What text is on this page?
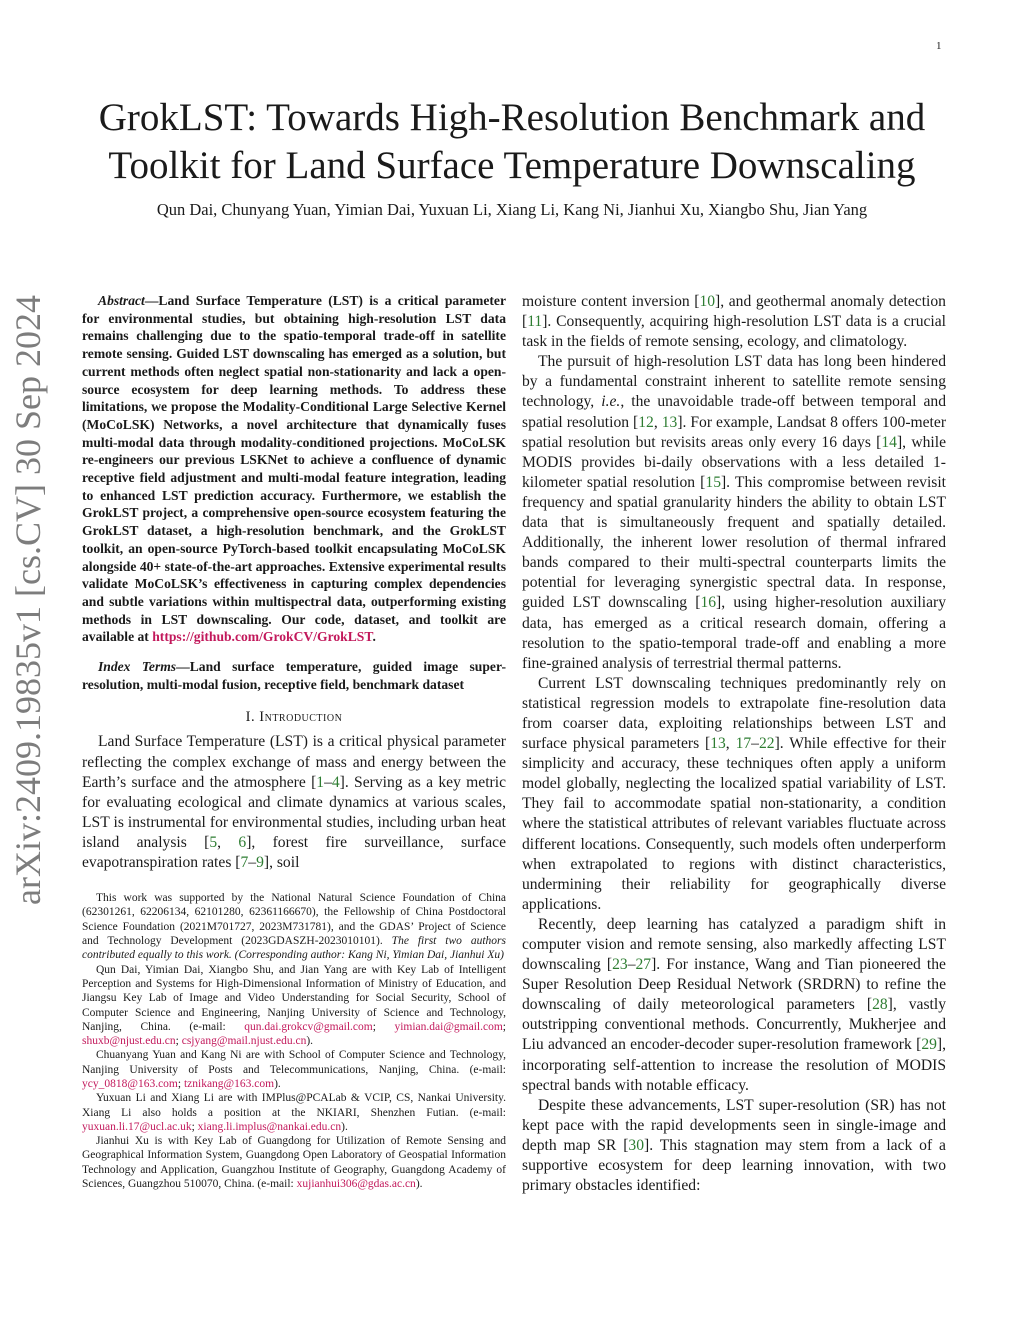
1
arXiv:2409.19835v1 [cs.CV] 30 Sep 2024
GrokLST: Towards High-Resolution Benchmark and Toolkit for Land Surface Temperature Downscaling
Qun Dai, Chunyang Yuan, Yimian Dai, Yuxuan Li, Xiang Li, Kang Ni, Jianhui Xu, Xiangbo Shu, Jian Yang

Abstract—Land Surface Temperature (LST) is a critical parameter for environmental studies, but obtaining high-resolution LST data remains challenging due to the spatio-temporal trade-off in satellite remote sensing. Guided LST downscaling has emerged as a solution, but current methods often neglect spatial non-stationarity and lack a open-source ecosystem for deep learning methods. To address these limitations, we propose the Modality-Conditional Large Selective Kernel (MoCoLSK) Networks, a novel architecture that dynamically fuses multi-modal data through modality-conditioned projections. MoCoLSK re-engineers our previous LSKNet to achieve a confluence of dynamic receptive field adjustment and multi-modal feature integration, leading to enhanced LST prediction accuracy. Furthermore, we establish the GrokLST project, a comprehensive open-source ecosystem featuring the GrokLST dataset, a high-resolution benchmark, and the GrokLST toolkit, an open-source PyTorch-based toolkit encapsulating MoCoLSK alongside 40+ state-of-the-art approaches. Extensive experimental results validate MoCoLSK’s effectiveness in capturing complex dependencies and subtle variations within multispectral data, outperforming existing methods in LST downscaling. Our code, dataset, and toolkit are available at https://github.com/GrokCV/GrokLST.

Index Terms—Land surface temperature, guided image super-resolution, multi-modal fusion, receptive field, benchmark dataset

I. Introduction

Land Surface Temperature (LST) is a critical physical parameter reflecting the complex exchange of mass and energy between the Earth’s surface and the atmosphere [1–4]. Serving as a key metric for evaluating ecological and climate dynamics at various scales, LST is instrumental for environmental studies, including urban heat island analysis [5, 6], forest fire surveillance, surface evapotranspiration rates [7–9], soil

This work was supported by the National Natural Science Foundation of China (62301261, 62206134, 62101280, 62361166670), the Fellowship of China Postdoctoral Science Foundation (2021M701727, 2023M731781), and the GDAS’ Project of Science and Technology Development (2023GDASZH-2023010101). The first two authors contributed equally to this work. (Corresponding author: Kang Ni, Yimian Dai, Jianhui Xu)

Qun Dai, Yimian Dai, Xiangbo Shu, and Jian Yang are with Key Lab of Intelligent Perception and Systems for High-Dimensional Information of Ministry of Education, and Jiangsu Key Lab of Image and Video Understanding for Social Security, School of Computer Science and Engineering, Nanjing University of Science and Technology, Nanjing, China. (e-mail: qun.dai.grokcv@gmail.com; yimian.dai@gmail.com; shuxb@njust.edu.cn; csjyang@mail.njust.edu.cn).

Chuanyang Yuan and Kang Ni are with School of Computer Science and Technology, Nanjing University of Posts and Telecommunications, Nanjing, China. (e-mail: ycy_0818@163.com; tznikang@163.com).

Yuxuan Li and Xiang Li are with IMPlus@PCALab & VCIP, CS, Nankai University. Xiang Li also holds a position at the NKIARI, Shenzhen Futian. (e-mail: yuxuan.li.17@ucl.ac.uk; xiang.li.implus@nankai.edu.cn).

Jianhui Xu is with Key Lab of Guangdong for Utilization of Remote Sensing and Geographical Information System, Guangdong Open Laboratory of Geospatial Information Technology and Application, Guangzhou Institute of Geography, Guangdong Academy of Sciences, Guangzhou 510070, China. (e-mail: xujianhui306@gdas.ac.cn).

moisture content inversion [10], and geothermal anomaly detection [11]. Consequently, acquiring high-resolution LST data is a crucial task in the fields of remote sensing, ecology, and climatology.

The pursuit of high-resolution LST data has long been hindered by a fundamental constraint inherent to satellite remote sensing technology, i.e., the unavoidable trade-off between temporal and spatial resolution [12, 13]. For example, Landsat 8 offers 100-meter spatial resolution but revisits areas only every 16 days [14], while MODIS provides bi-daily observations with a less detailed 1-kilometer spatial resolution [15]. This compromise between revisit frequency and spatial granularity hinders the ability to obtain LST data that is simultaneously frequent and spatially detailed. Additionally, the inherent lower resolution of thermal infrared bands compared to their multi-spectral counterparts limits the potential for leveraging synergistic spectral data. In response, guided LST downscaling [16], using higher-resolution auxiliary data, has emerged as a critical research domain, offering a resolution to the spatio-temporal trade-off and enabling a more fine-grained analysis of terrestrial thermal patterns.

Current LST downscaling techniques predominantly rely on statistical regression models to extrapolate fine-resolution data from coarser data, exploiting relationships between LST and surface physical parameters [13, 17–22]. While effective for their simplicity and accuracy, these techniques often apply a uniform model globally, neglecting the localized spatial variability of LST. They fail to accommodate spatial non-stationarity, a condition where the statistical attributes of relevant variables fluctuate across different locations. Consequently, such models often underperform when extrapolated to regions with distinct characteristics, undermining their reliability for geographically diverse applications.

Recently, deep learning has catalyzed a paradigm shift in computer vision and remote sensing, also markedly affecting LST downscaling [23–27]. For instance, Wang and Tian pioneered the Super Resolution Deep Residual Network (SRDRN) to refine the downscaling of daily meteorological parameters [28], vastly outstripping conventional methods. Concurrently, Mukherjee and Liu advanced an encoder-decoder super-resolution framework [29], incorporating self-attention to increase the resolution of MODIS spectral bands with notable efficacy.

Despite these advancements, LST super-resolution (SR) has not kept pace with the rapid developments seen in single-image and depth map SR [30]. This stagnation may stem from a lack of a supportive ecosystem for deep learning innovation, with two primary obstacles identified:
